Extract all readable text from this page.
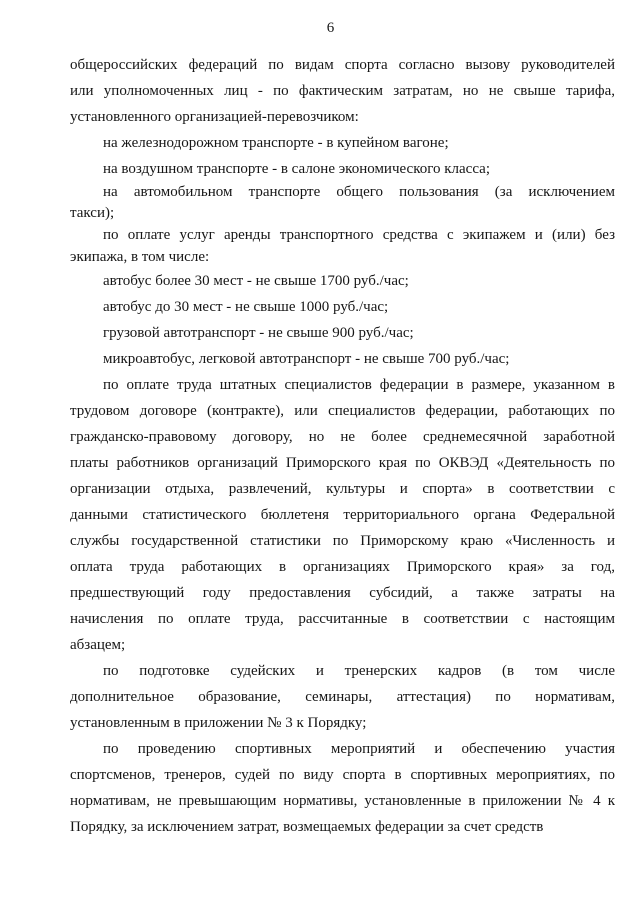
6
общероссийских федераций по видам спорта согласно вызову руководителей
или уполномоченных лиц - по фактическим затратам, но не свыше тарифа,
установленного организацией-перевозчиком:
на железнодорожном транспорте - в купейном вагоне;
на воздушном транспорте - в салоне экономического класса;
на автомобильном транспорте общего пользования (за исключением
такси);
по оплате услуг аренды транспортного средства с экипажем и (или) без
экипажа, в том числе:
автобус более 30 мест - не свыше 1700 руб./час;
автобус до 30 мест - не свыше 1000 руб./час;
грузовой автотранспорт - не свыше 900 руб./час;
микроавтобус, легковой автотранспорт - не свыше 700 руб./час;
по оплате труда штатных специалистов федерации в размере, указанном в
трудовом договоре (контракте), или специалистов федерации, работающих по
гражданско-правовому договору, но не более среднемесячной заработной
платы работников организаций Приморского края по ОКВЭД «Деятельность по
организации отдыха, развлечений, культуры и спорта» в соответствии с
данными статистического бюллетеня территориального органа Федеральной
службы государственной статистики по Приморскому краю «Численность и
оплата труда работающих в организациях Приморского края» за год,
предшествующий году предоставления субсидий, а также затраты на
начисления по оплате труда, рассчитанные в соответствии с настоящим
абзацем;
по подготовке судейских и тренерских кадров (в том числе
дополнительное образование, семинары, аттестация) по нормативам,
установленным в приложении № 3 к Порядку;
по проведению спортивных мероприятий и обеспечению участия
спортсменов, тренеров, судей по виду спорта в спортивных мероприятиях, по
нормативам, не превышающим нормативы, установленные в приложении № 4 к
Порядку, за исключением затрат, возмещаемых федерации за счет средств
